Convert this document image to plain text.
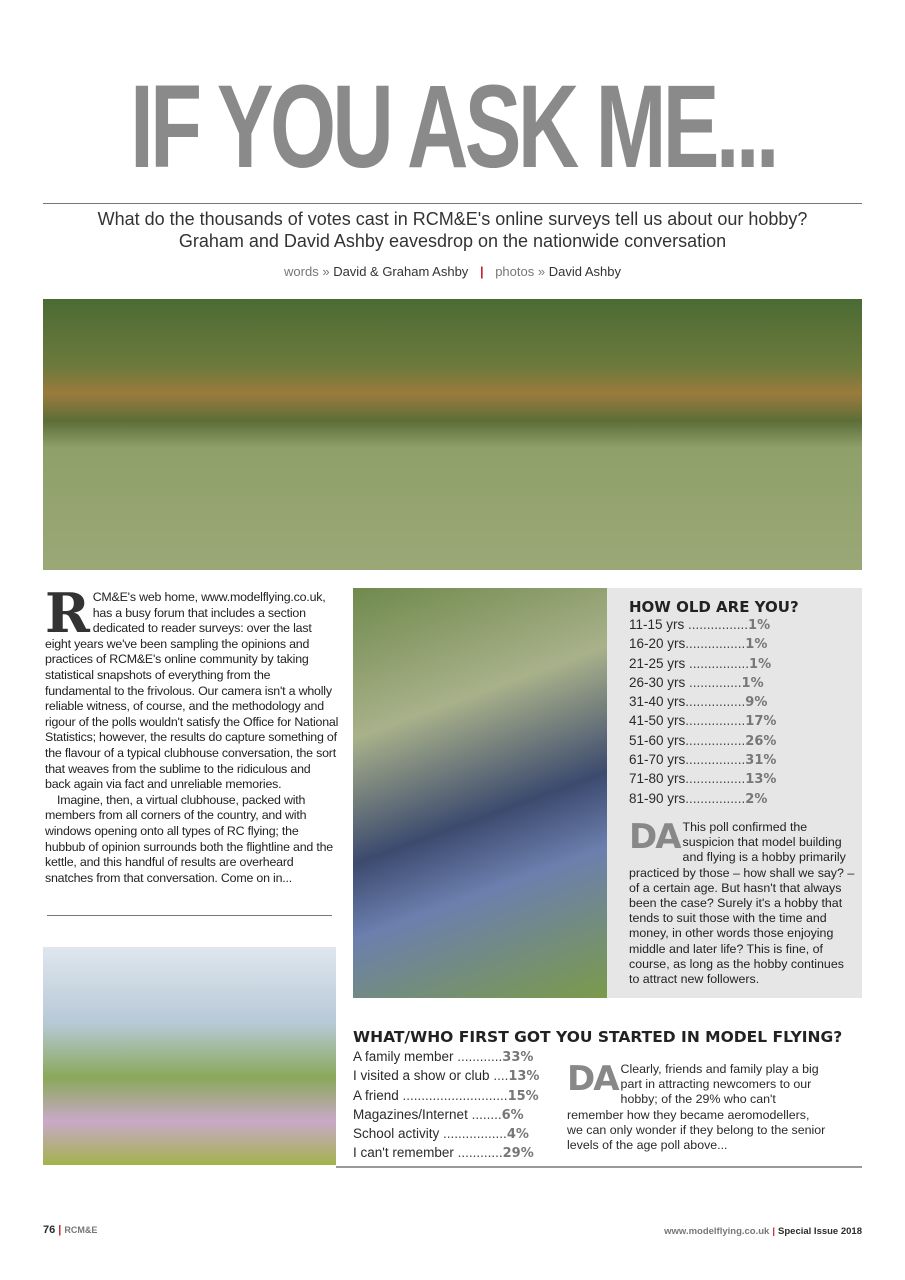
IF YOU ASK ME...
What do the thousands of votes cast in RCM&E's online surveys tell us about our hobby? Graham and David Ashby eavesdrop on the nationwide conversation
words » David & Graham Ashby | photos » David Ashby

RCM&E's web home, www.modelflying.co.uk, has a busy forum that includes a section dedicated to reader surveys: over the last eight years we've been sampling the opinions and practices of RCM&E's online community by taking statistical snapshots of everything from the fundamental to the frivolous. Our camera isn't a wholly reliable witness, of course, and the methodology and rigour of the polls wouldn't satisfy the Office for National Statistics; however, the results do capture something of the flavour of a typical clubhouse conversation, the sort that weaves from the sublime to the ridiculous and back again via fact and unreliable memories.

Imagine, then, a virtual clubhouse, packed with members from all corners of the country, and with windows opening onto all types of RC flying; the hubbub of opinion surrounds both the flightline and the kettle, and this handful of results are overheard snatches from that conversation. Come on in...

HOW OLD ARE YOU?
11-15 yrs ................1%
16-20 yrs................1%
21-25 yrs ................1%
26-30 yrs ..............1%
31-40 yrs................9%
41-50 yrs................17%
51-60 yrs................26%
61-70 yrs................31%
71-80 yrs................13%
81-90 yrs................2%
DA This poll confirmed the suspicion that model building and flying is a hobby primarily practiced by those – how shall we say? – of a certain age. But hasn't that always been the case? Surely it's a hobby that tends to suit those with the time and money, in other words those enjoying middle and later life? This is fine, of course, as long as the hobby continues to attract new followers.
WHAT/WHO FIRST GOT YOU STARTED IN MODEL FLYING?
A family member ............33%
I visited a show or club ....13%
A friend ............................15%
Magazines/Internet ........6%
School activity .................4%
I can't remember ............29%
DA Clearly, friends and family play a big part in attracting newcomers to our hobby; of the 29% who can't remember how they became aeromodellers, we can only wonder if they belong to the senior levels of the age poll above...
76 | RCM&E	www.modelflying.co.uk | Special Issue 2018
